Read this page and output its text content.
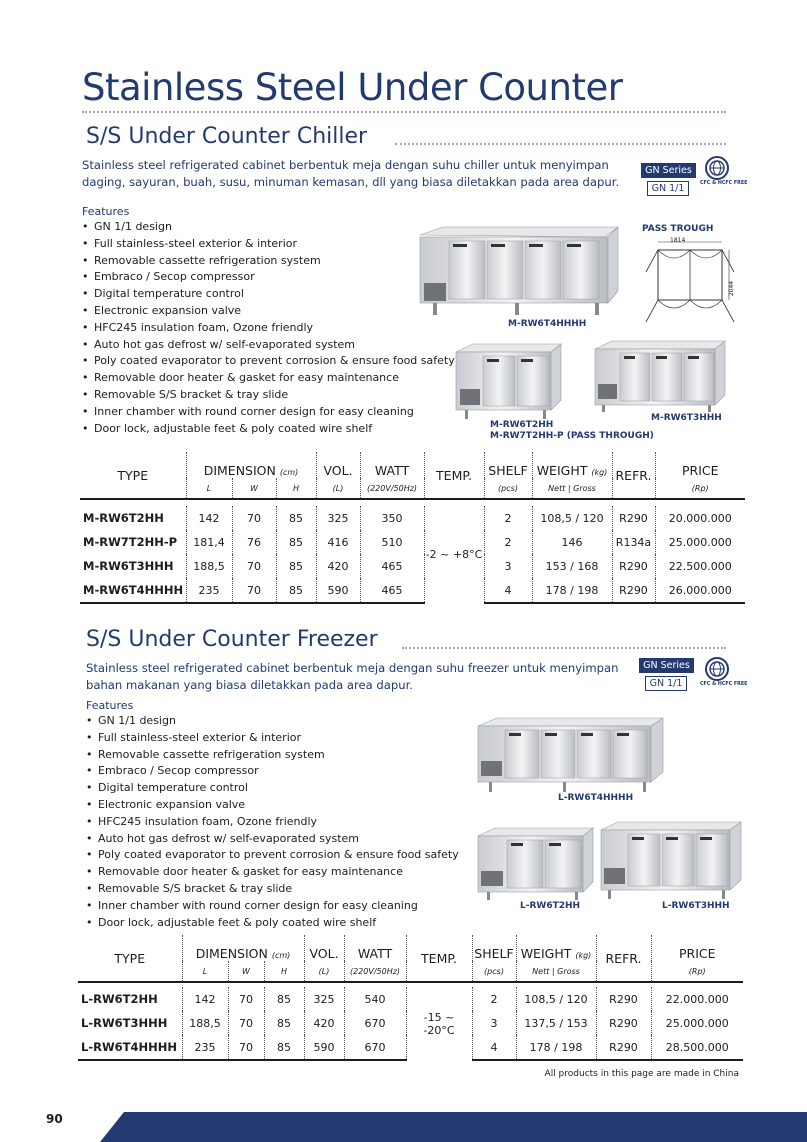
Stainless Steel Under Counter
S/S Under Counter Chiller
Stainless steel refrigerated cabinet berbentuk meja dengan suhu chiller untuk menyimpan daging, sayuran, buah, susu, minuman kemasan, dll yang biasa diletakkan pada area dapur.
GN Series
GN 1/1	CFC & HCFC FREE
Features
• GN 1/1 design
• Full stainless-steel exterior & interior
• Removable cassette refrigeration system
• Embraco / Secop compressor
• Digital temperature control
• Electronic expansion valve
• HFC245 insulation foam, Ozone friendly
• Auto hot gas defrost w/ self-evaporated system
• Poly coated evaporator to prevent corrosion & ensure food safety
• Removable door heater & gasket for easy maintenance
• Removable S/S bracket & tray slide
• Inner chamber with round corner design for easy cleaning
• Door lock, adjustable feet & poly coated wire shelf
M-RW6T4HHHH
PASS TROUGH
1814
2044
M-RW6T2HH
M-RW7T2HH-P (PASS THROUGH)
M-RW6T3HHH
TYPE	DIMENSION (cm)			VOL.	WATT	TEMP.	SHELF	WEIGHT (kg)	REFR.	PRICE
	L	W	H	(L)	(220V/50Hz)		(pcs)	Nett | Gross		(Rp)

M-RW6T2HH	142	70	85	325	350	-2 ~ +8°C	2	108,5 / 120	R290	20.000.000
M-RW7T2HH-P	181,4	76	85	416	510		2	146	R134a	25.000.000
M-RW6T3HHH	188,5	70	85	420	465		3	153 / 168	R290	22.500.000
M-RW6T4HHHH	235	70	85	590	465		4	178 / 198	R290	26.000.000
S/S Under Counter Freezer
Stainless steel refrigerated cabinet berbentuk meja dengan suhu freezer untuk menyimpan bahan makanan yang biasa diletakkan pada area dapur.
GN Series
GN 1/1	CFC & HCFC FREE
Features
• GN 1/1 design
• Full stainless-steel exterior & interior
• Removable cassette refrigeration system
• Embraco / Secop compressor
• Digital temperature control
• Electronic expansion valve
• HFC245 insulation foam, Ozone friendly
• Auto hot gas defrost w/ self-evaporated system
• Poly coated evaporator to prevent corrosion & ensure food safety
• Removable door heater & gasket for easy maintenance
• Removable S/S bracket & tray slide
• Inner chamber with round corner design for easy cleaning
• Door lock, adjustable feet & poly coated wire shelf
L-RW6T4HHHH
L-RW6T2HH	L-RW6T3HHH
TYPE	DIMENSION (cm)			VOL.	WATT	TEMP.	SHELF	WEIGHT (kg)	REFR.	PRICE
	L	W	H	(L)	(220V/50Hz)		(pcs)	Nett | Gross		(Rp)

L-RW6T2HH	142	70	85	325	540	-15 ~ -20°C	2	108,5 / 120	R290	22.000.000
L-RW6T3HHH	188,5	70	85	420	670		3	137,5 / 153	R290	25.000.000
L-RW6T4HHHH	235	70	85	590	670		4	178 / 198	R290	28.500.000
All products in this page are made in China
90
